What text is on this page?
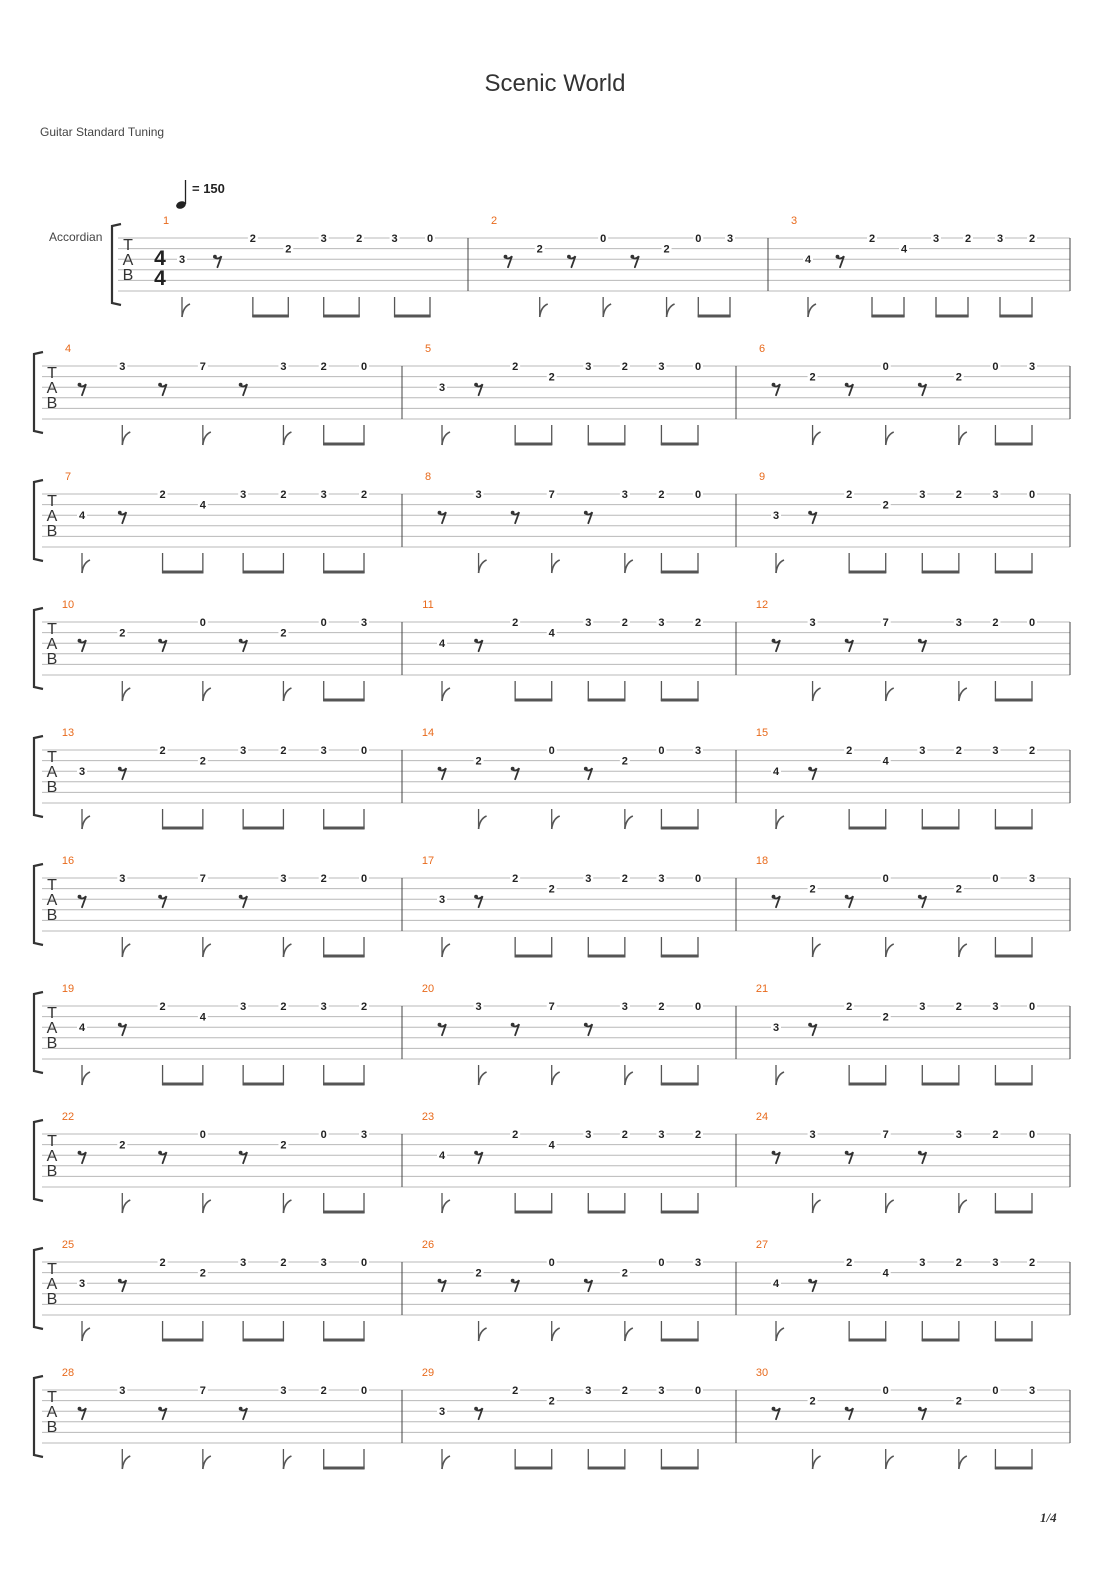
Scenic World
Guitar Standard Tuning
= 150
T
A
B
Accordian
4
4
1
3
2
2
3	2	3	0
2
2
0
2
0 3
3
4
2
4
3 2 3 2
T
A
B
4
3	7	3	2	0
5
3
2
2
3	2	3	0
6
2
0
2
0	3
T
A
B
7
4
2
4
3	2	3	2
8
3	7	3	2	0
9
3
2
2
3	2	3	0
T
A
B
10
2
0
2
0	3
11
4
2
4
3	2	3	2
12
3	7	3	2	0
T
A
B
13
3
2
2
3	2	3	0
14
2
0
2
0	3
15
4
2
4
3	2	3	2
T
A
B
16
3	7	3	2	0
17
3
2
2
3	2	3	0
18
2
0
2
0	3
T
A
B
19
4
2
4
3	2	3	2
20
3	7	3	2	0
21
3
2
2
3	2	3	0
T
A
B
22
2
0
2
0	3
23
4
2
4
3	2	3	2
24
3	7	3	2	0
T
A
B
25
3
2
2
3	2	3	0
26
2
0
2
0	3
27
4
2
4
3	2	3	2
T
A
B
28
3	7	3	2	0
29
3
2
2
3	2	3	0
30
2
0
2
0	3
1/4
